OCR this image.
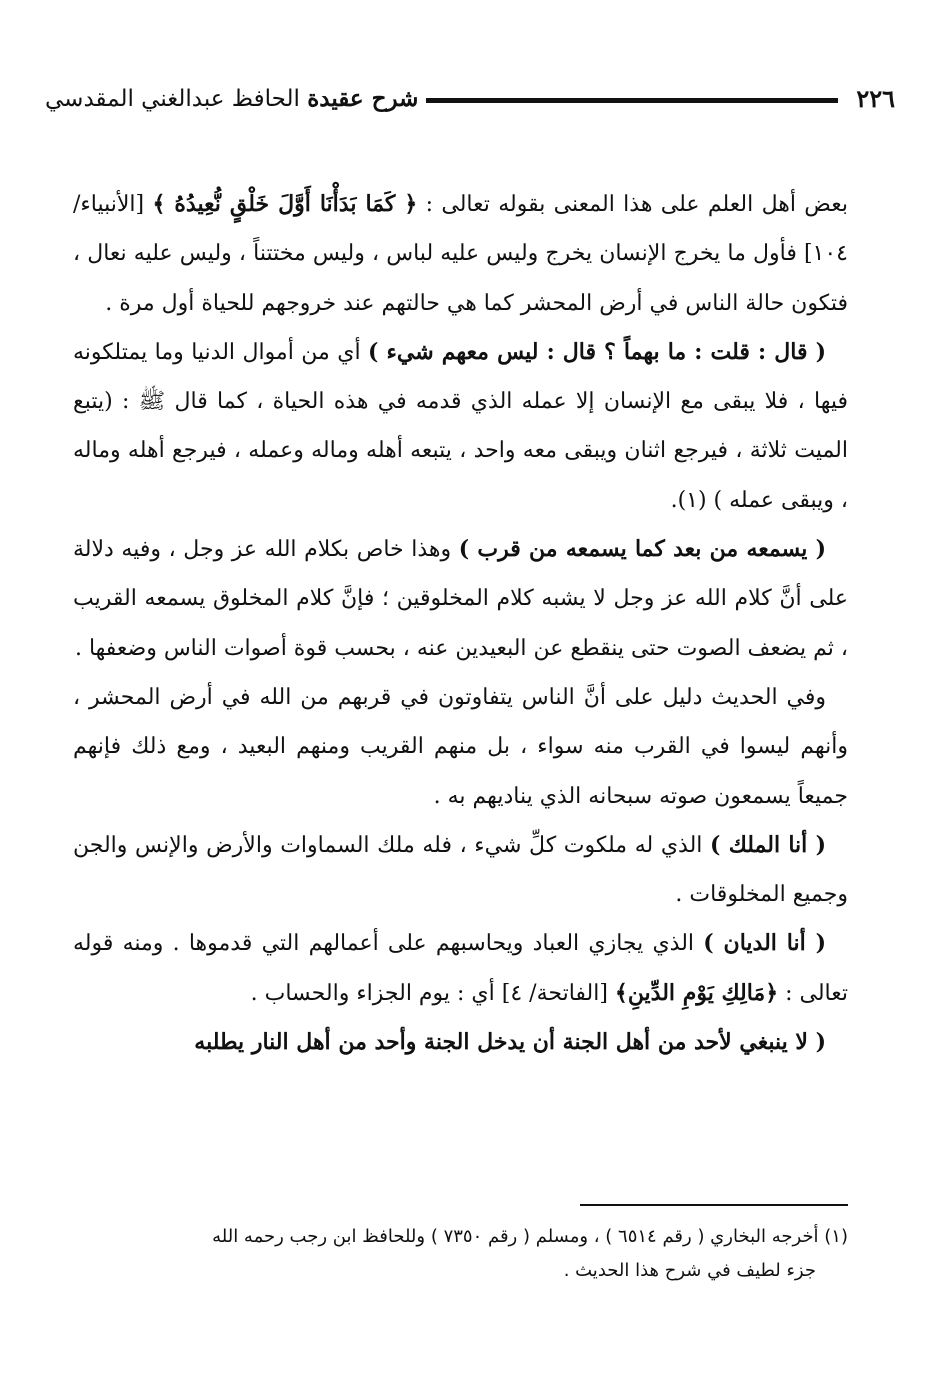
٢٢٦
شرح عقيدة الحافظ عبدالغني المقدسي

بعض أهل العلم على هذا المعنى بقوله تعالى : ﴿ كَمَا بَدَأْنَا أَوَّلَ خَلْقٍ نُّعِيدُهُ ﴾ [الأنبياء/ ١٠٤] فأول ما يخرج الإنسان يخرج وليس عليه لباس ، وليس مختتناً ، وليس عليه نعال ، فتكون حالة الناس في أرض المحشر كما هي حالتهم عند خروجهم للحياة أول مرة .

( قال : قلت : ما بهماً ؟ قال : ليس معهم شيء ) أي من أموال الدنيا وما يمتلكونه فيها ، فلا يبقى مع الإنسان إلا عمله الذي قدمه في هذه الحياة ، كما قال ﷺ : (يتبع الميت ثلاثة ، فيرجع اثنان ويبقى معه واحد ، يتبعه أهله وماله وعمله ، فيرجع أهله وماله ، ويبقى عمله ) (١).

( يسمعه من بعد كما يسمعه من قرب ) وهذا خاص بكلام الله عز وجل ، وفيه دلالة على أنَّ كلام الله عز وجل لا يشبه كلام المخلوقين ؛ فإنَّ كلام المخلوق يسمعه القريب ، ثم يضعف الصوت حتى ينقطع عن البعيدين عنه ، بحسب قوة أصوات الناس وضعفها .

وفي الحديث دليل على أنَّ الناس يتفاوتون في قربهم من الله في أرض المحشر ، وأنهم ليسوا في القرب منه سواء ، بل منهم القريب ومنهم البعيد ، ومع ذلك فإنهم جميعاً يسمعون صوته سبحانه الذي يناديهم به .

( أنا الملك ) الذي له ملكوت كلِّ شيء ، فله ملك السماوات والأرض والإنس والجن وجميع المخلوقات .

( أنا الديان ) الذي يجازي العباد ويحاسبهم على أعمالهم التي قدموها . ومنه قوله تعالى : ﴿مَالِكِ يَوْمِ الدِّينِ﴾ [الفاتحة/ ٤] أي : يوم الجزاء والحساب .

( لا ينبغي لأحد من أهل الجنة أن يدخل الجنة وأحد من أهل النار يطلبه

(١) أخرجه البخاري ( رقم ٦٥١٤ ) ، ومسلم ( رقم ٧٣٥٠ ) وللحافظ ابن رجب رحمه الله

جزء لطيف في شرح هذا الحديث .
